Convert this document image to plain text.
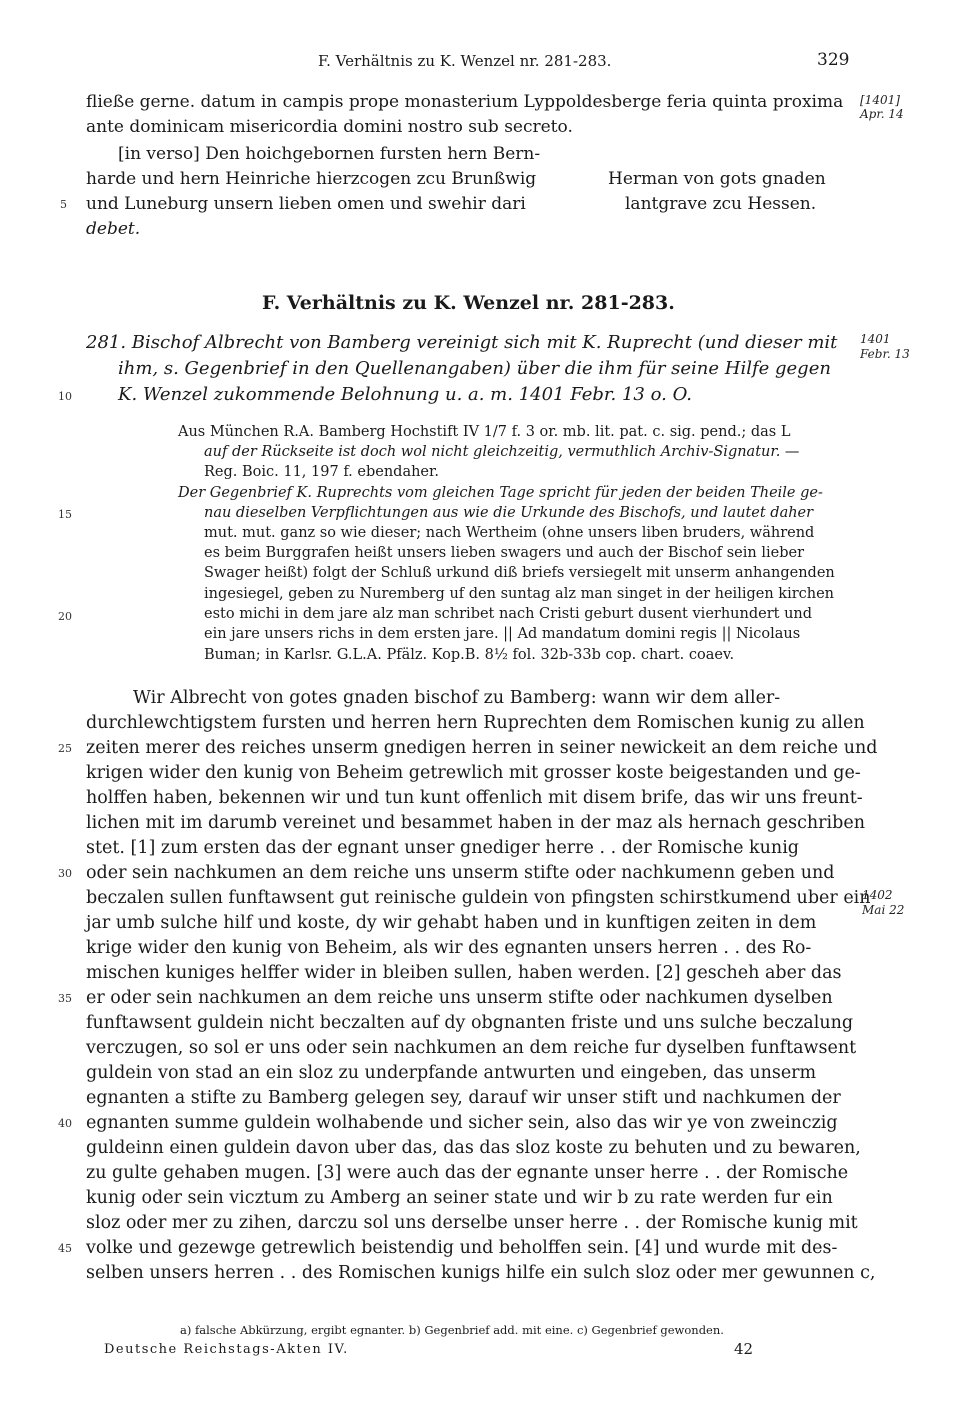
F. Verhältnis zu K. Wenzel nr. 281-283.	329
fließe gerne. datum in campis prope monasterium Lyppoldesberge feria quinta proxima
ante dominicam misericordia domini nostro sub secreto.
[1401]
Apr. 14
[in verso] Den hoichgebornen fursten hern Bern-
harde und hern Heinriche hierzcogen zcu Brunßwig
und Luneburg unsern lieben omen und swehir dari
debet.
Herman von gots gnaden
lantgrave zcu Hessen.
F. Verhältnis zu K. Wenzel nr. 281-283.
281. Bischof Albrecht von Bamberg vereinigt sich mit K. Ruprecht (und dieser mit
ihm, s. Gegenbrief in den Quellenangaben) über die ihm für seine Hilfe gegen
K. Wenzel zukommende Belohnung u. a. m. 1401 Febr. 13 o. O.
1401
Febr. 13
Aus München R.A. Bamberg Hochstift IV 1/7 f. 3 or. mb. lit. pat. c. sig. pend.; das L
auf der Rückseite ist doch wol nicht gleichzeitig, vermuthlich Archiv-Signatur. —
Reg. Boic. 11, 197 f. ebendaher.
Der Gegenbrief K. Ruprechts vom gleichen Tage spricht für jeden der beiden Theile ge-
nau dieselben Verpflichtungen aus wie die Urkunde des Bischofs, und lautet daher
mut. mut. ganz so wie dieser; nach Wertheim (ohne unsers liben bruders, während
es beim Burggrafen heißt unsers lieben swagers und auch der Bischof sein lieber
Swager heißt) folgt der Schluß urkund diß briefs versiegelt mit unserm anhangenden
ingesiegel, geben zu Nuremberg uf den suntag alz man singet in der heiligen kirchen
esto michi in dem jare alz man schribet nach Cristi geburt dusent vierhundert und
ein jare unsers richs in dem ersten jare. || Ad mandatum domini regis || Nicolaus
Buman; in Karlsr. G.L.A. Pfälz. Kop.B. 8½ fol. 32b-33b cop. chart. coaev.
Wir Albrecht von gotes gnaden bischof zu Bamberg: wann wir dem aller-
durchlewchtigstem fursten und herren hern Ruprechten dem Romischen kunig zu allen
zeiten merer des reiches unserm gnedigen herren in seiner newickeit an dem reiche und
krigen wider den kunig von Beheim getrewlich mit grosser koste beigestanden und ge-
holffen haben, bekennen wir und tun kunt offenlich mit disem brife, das wir uns freunt-
lichen mit im darumb vereinet und besammet haben in der maz als hernach geschriben
stet. [1] zum ersten das der egnant unser gnediger herre . . der Romische kunig
oder sein nachkumen an dem reiche uns unserm stifte oder nachkumenn geben und
beczalen sullen funftawsent gut reinische guldein von pfingsten schirstkumend uber ein
jar umb sulche hilf und koste, dy wir gehabt haben und in kunftigen zeiten in dem
krige wider den kunig von Beheim, als wir des egnanten unsers herren . . des Ro-
mischen kuniges helffer wider in bleiben sullen, haben werden. [2] gescheh aber das
er oder sein nachkumen an dem reiche uns unserm stifte oder nachkumen dyselben
funftawsent guldein nicht beczalten auf dy obgnanten friste und uns sulche beczalung
verczugen, so sol er uns oder sein nachkumen an dem reiche fur dyselben funftawsent
guldein von stad an ein sloz zu underpfande antwurten und eingeben, das unserm
egnanten a stifte zu Bamberg gelegen sey, darauf wir unser stift und nachkumen der
egnanten summe guldein wolhabende und sicher sein, also das wir ye von zweinczig
guldeinn einen guldein davon uber das, das das sloz koste zu behuten und zu bewaren,
zu gulte gehaben mugen. [3] were auch das der egnante unser herre . . der Romische
kunig oder sein vicztum zu Amberg an seiner state und wir b zu rate werden fur ein
sloz oder mer zu zihen, darczu sol uns derselbe unser herre . . der Romische kunig mit
volke und gezewge getrewlich beistendig und beholffen sein. [4] und wurde mit des-
selben unsers herren . . des Romischen kunigs hilfe ein sulch sloz oder mer gewunnen c,
1402
Mai 22
5
10
15
20
25
30
35
40
45
a) falsche Abkürzung, ergibt egnanter. b) Gegenbrief add. mit eine. c) Gegenbrief gewonden.
Deutsche Reichstags-Akten IV.	42
